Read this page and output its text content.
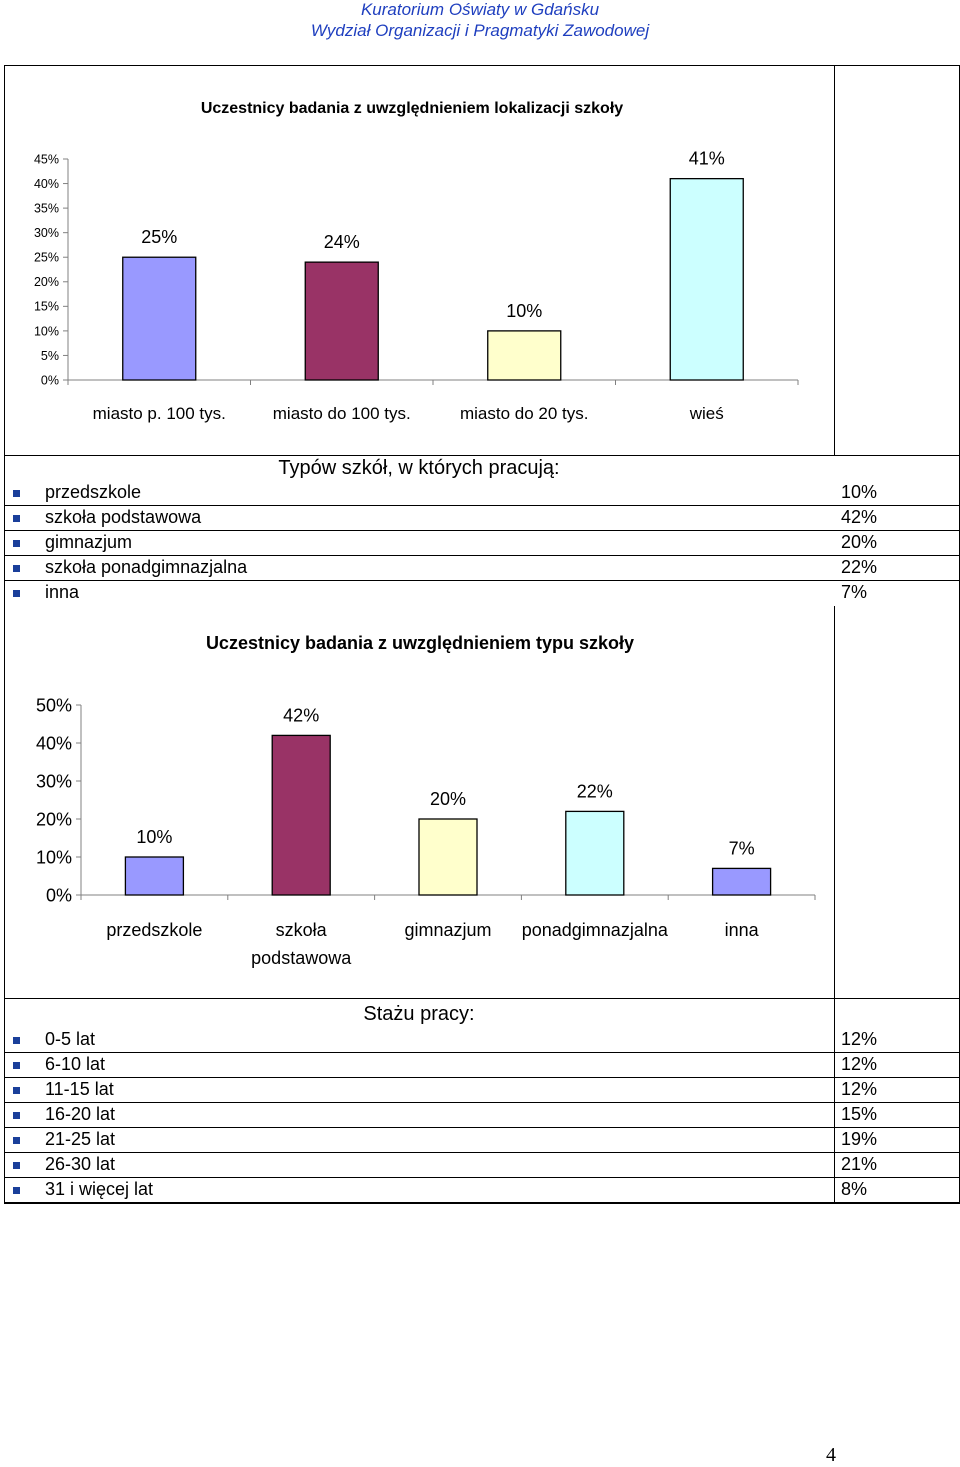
Kuratorium Oświaty w Gdańsku
Wydział Organizacji i Pragmatyki Zawodowej
Uczestnicy badania z uwzględnieniem lokalizacji szkoły
0%
5%
10%
15%
20%
25%
30%
35%
40%
45%
25%
miasto p. 100 tys.
24%
miasto do 100 tys.
10%
miasto do 20 tys.
41%
wieś
Typów szkół, w których pracują:
przedszkole	10%
szkoła podstawowa	42%
gimnazjum	20%
szkoła ponadgimnazjalna	22%
inna	7%
Uczestnicy badania z uwzględnieniem typu szkoły
0%
10%
20%
30%
40%
50%
10%
przedszkole
42%
szkoła
podstawowa
20%
gimnazjum
22%
ponadgimnazjalna
7%
inna
Stażu pracy:
0-5 lat	12%
6-10 lat	12%
11-15 lat	12%
16-20 lat	15%
21-25 lat	19%
26-30 lat	21%
31 i więcej lat	8%
4
